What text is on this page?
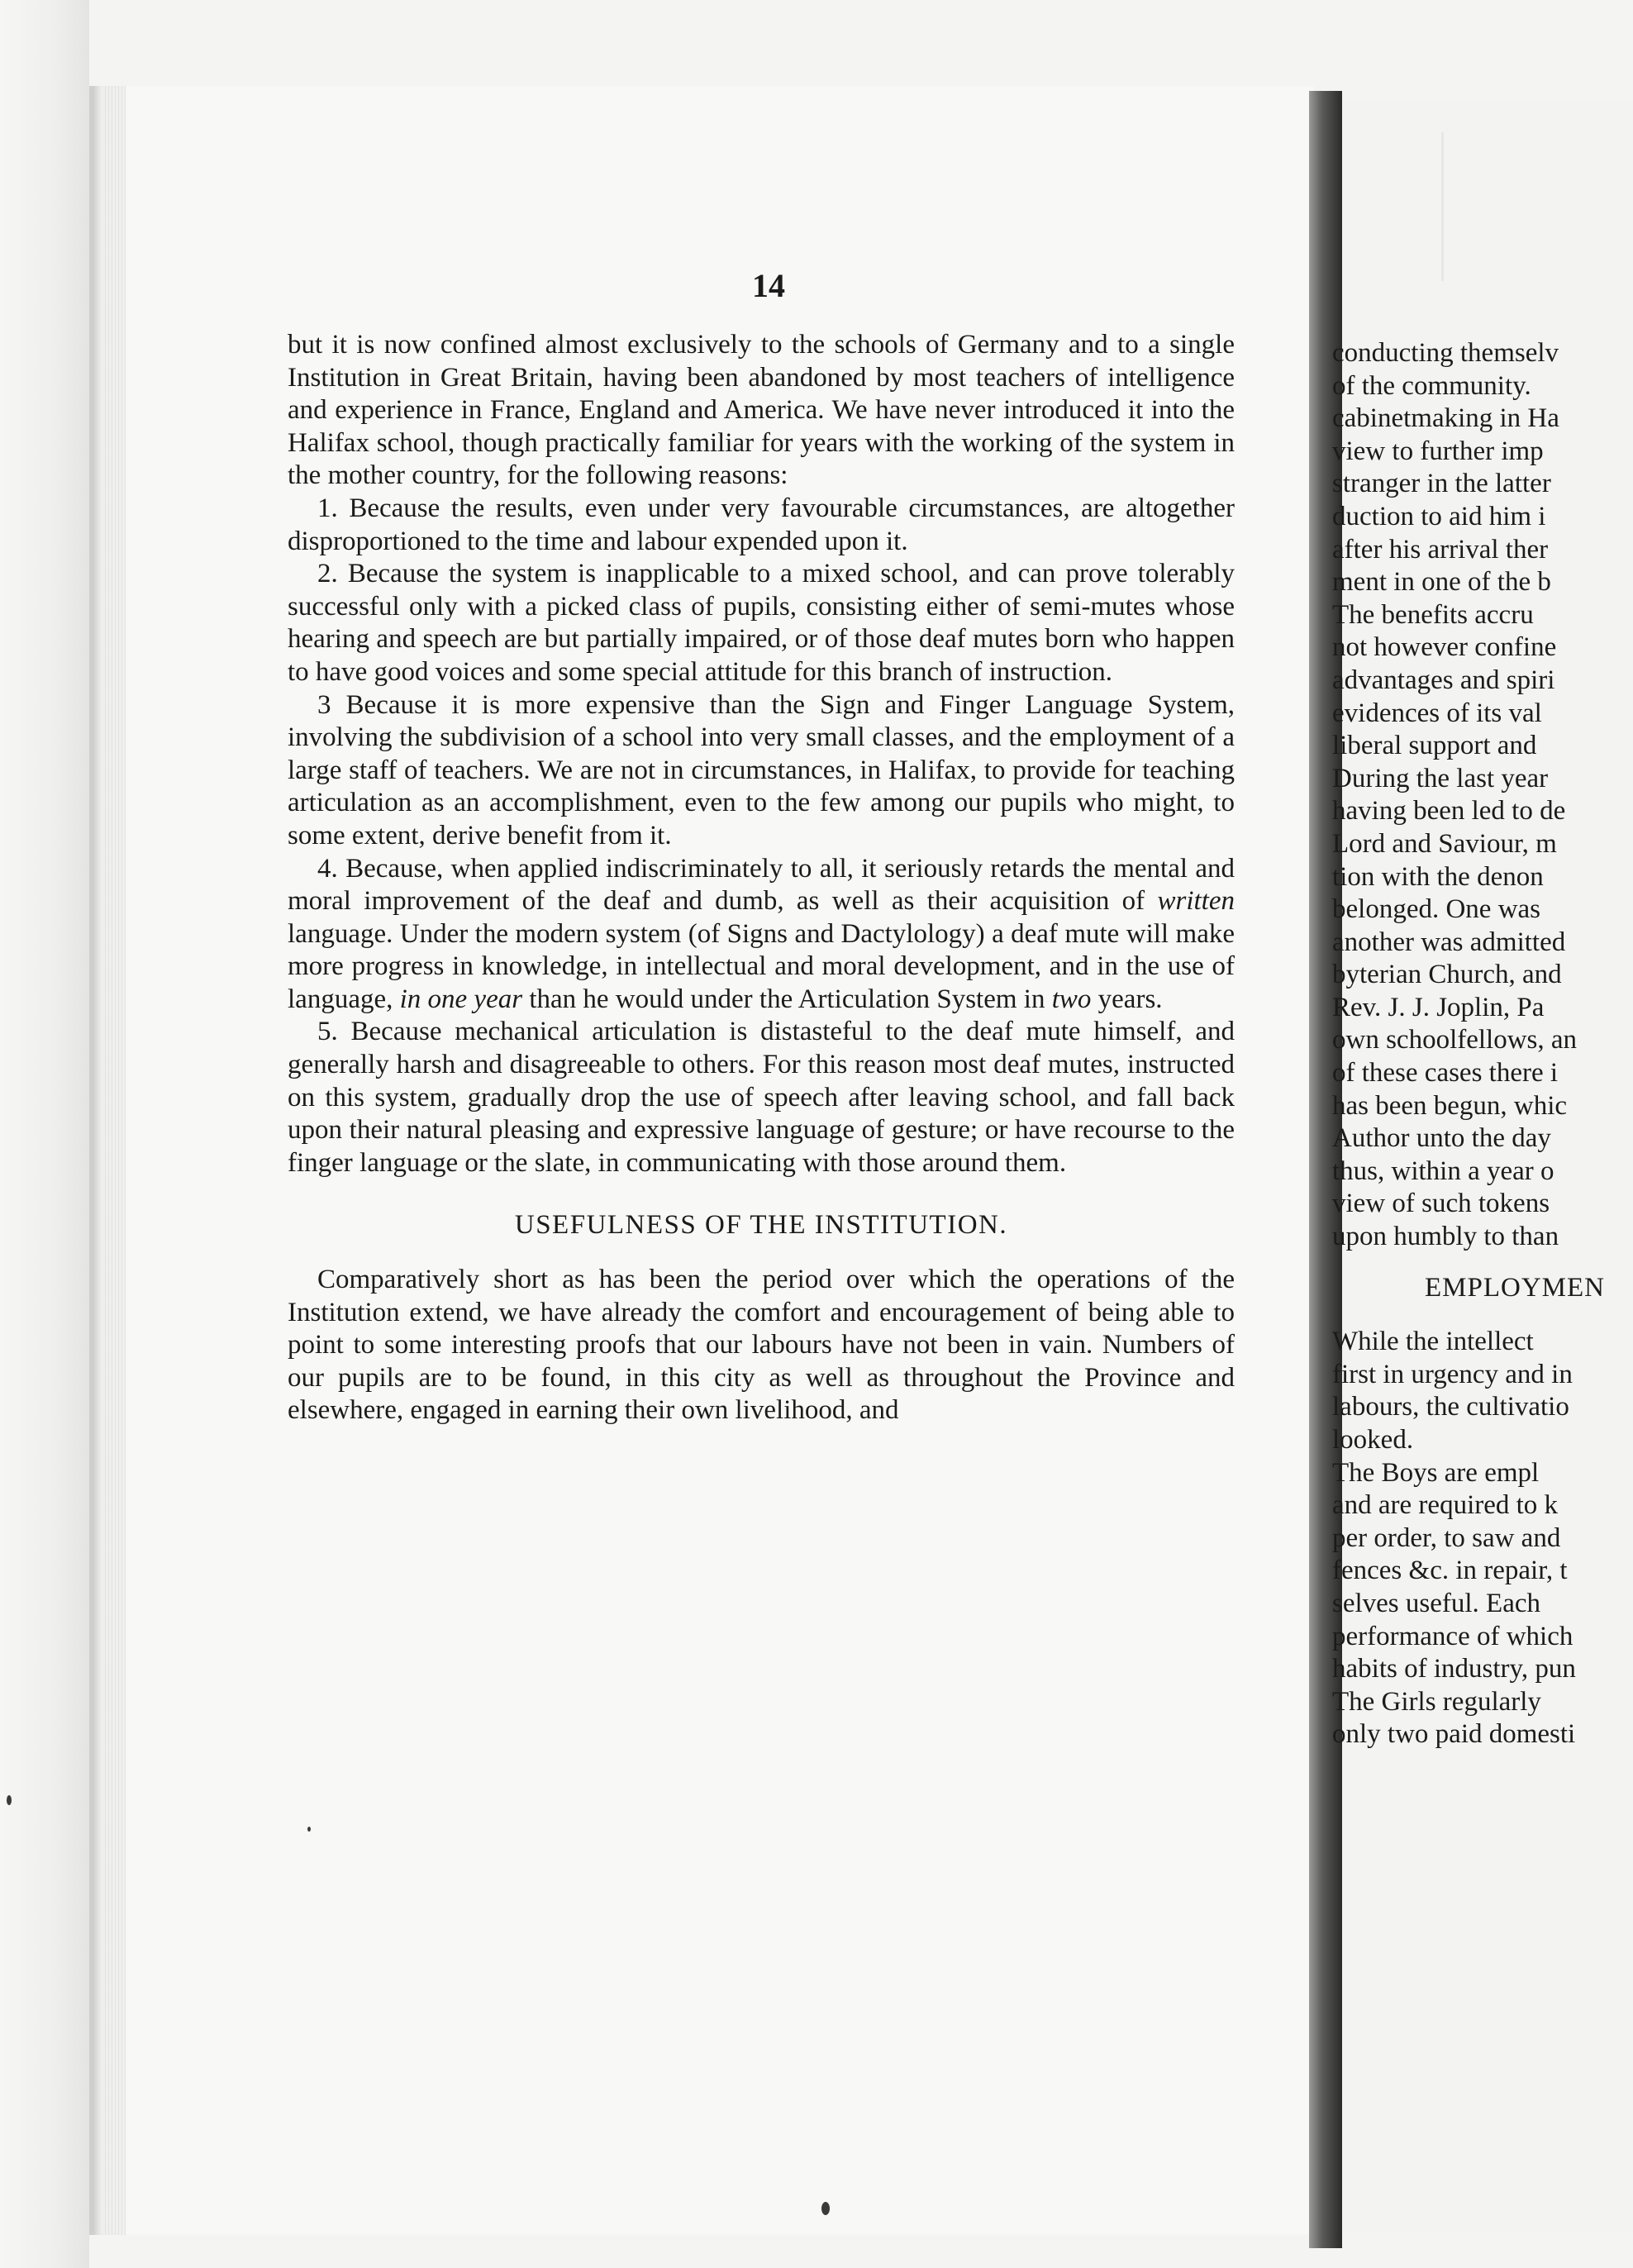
14

but it is now confined almost exclusively to the schools of Germany and to a single Institution in Great Britain, having been abandoned by most teachers of intelligence and experience in France, England and America. We have never introduced it into the Halifax school, though practically familiar for years with the working of the system in the mother country, for the following reasons:

1. Because the results, even under very favourable circumstances, are altogether disproportioned to the time and labour expended upon it.

2. Because the system is inapplicable to a mixed school, and can prove tolerably successful only with a picked class of pupils, consisting either of semi-mutes whose hearing and speech are but partially impaired, or of those deaf mutes born who happen to have good voices and some special attitude for this branch of instruction.

3 Because it is more expensive than the Sign and Finger Language System, involving the subdivision of a school into very small classes, and the employment of a large staff of teachers. We are not in circumstances, in Halifax, to provide for teaching articulation as an accomplishment, even to the few among our pupils who might, to some extent, derive benefit from it.

4. Because, when applied indiscriminately to all, it seriously retards the mental and moral improvement of the deaf and dumb, as well as their acquisition of written language. Under the modern system (of Signs and Dactylology) a deaf mute will make more progress in knowledge, in intellectual and moral development, and in the use of language, in one year than he would under the Articulation System in two years.

5. Because mechanical articulation is distasteful to the deaf mute himself, and generally harsh and disagreeable to others. For this reason most deaf mutes, instructed on this system, gradually drop the use of speech after leaving school, and fall back upon their natural pleasing and expressive language of gesture; or have recourse to the finger language or the slate, in communicating with those around them.

USEFULNESS OF THE INSTITUTION.

Comparatively short as has been the period over which the operations of the Institution extend, we have already the comfort and encouragement of being able to point to some interesting proofs that our labours have not been in vain. Numbers of our pupils are to be found, in this city as well as throughout the Province and elsewhere, engaged in earning their own livelihood, and

conducting themselv
of the community.
cabinetmaking in Ha
view to further imp
stranger in the latter
duction to aid him i
after his arrival ther
ment in one of the b
The benefits accru
not however confine
advantages and spiri
evidences of its val
liberal support and
During the last year
having been led to de
Lord and Saviour, m
tion with the denon
belonged. One was
another was admitted
byterian Church, and
Rev. J. J. Joplin, Pa
own schoolfellows, an
of these cases there i
has been begun, whic
Author unto the day
thus, within a year o
view of such tokens
upon humbly to than
EMPLOYMEN
While the intellect
first in urgency and in
labours, the cultivatio
looked.
The Boys are empl
and are required to k
per order, to saw and
fences &c. in repair, t
selves useful. Each
performance of which
habits of industry, pun
The Girls regularly
only two paid domesti
